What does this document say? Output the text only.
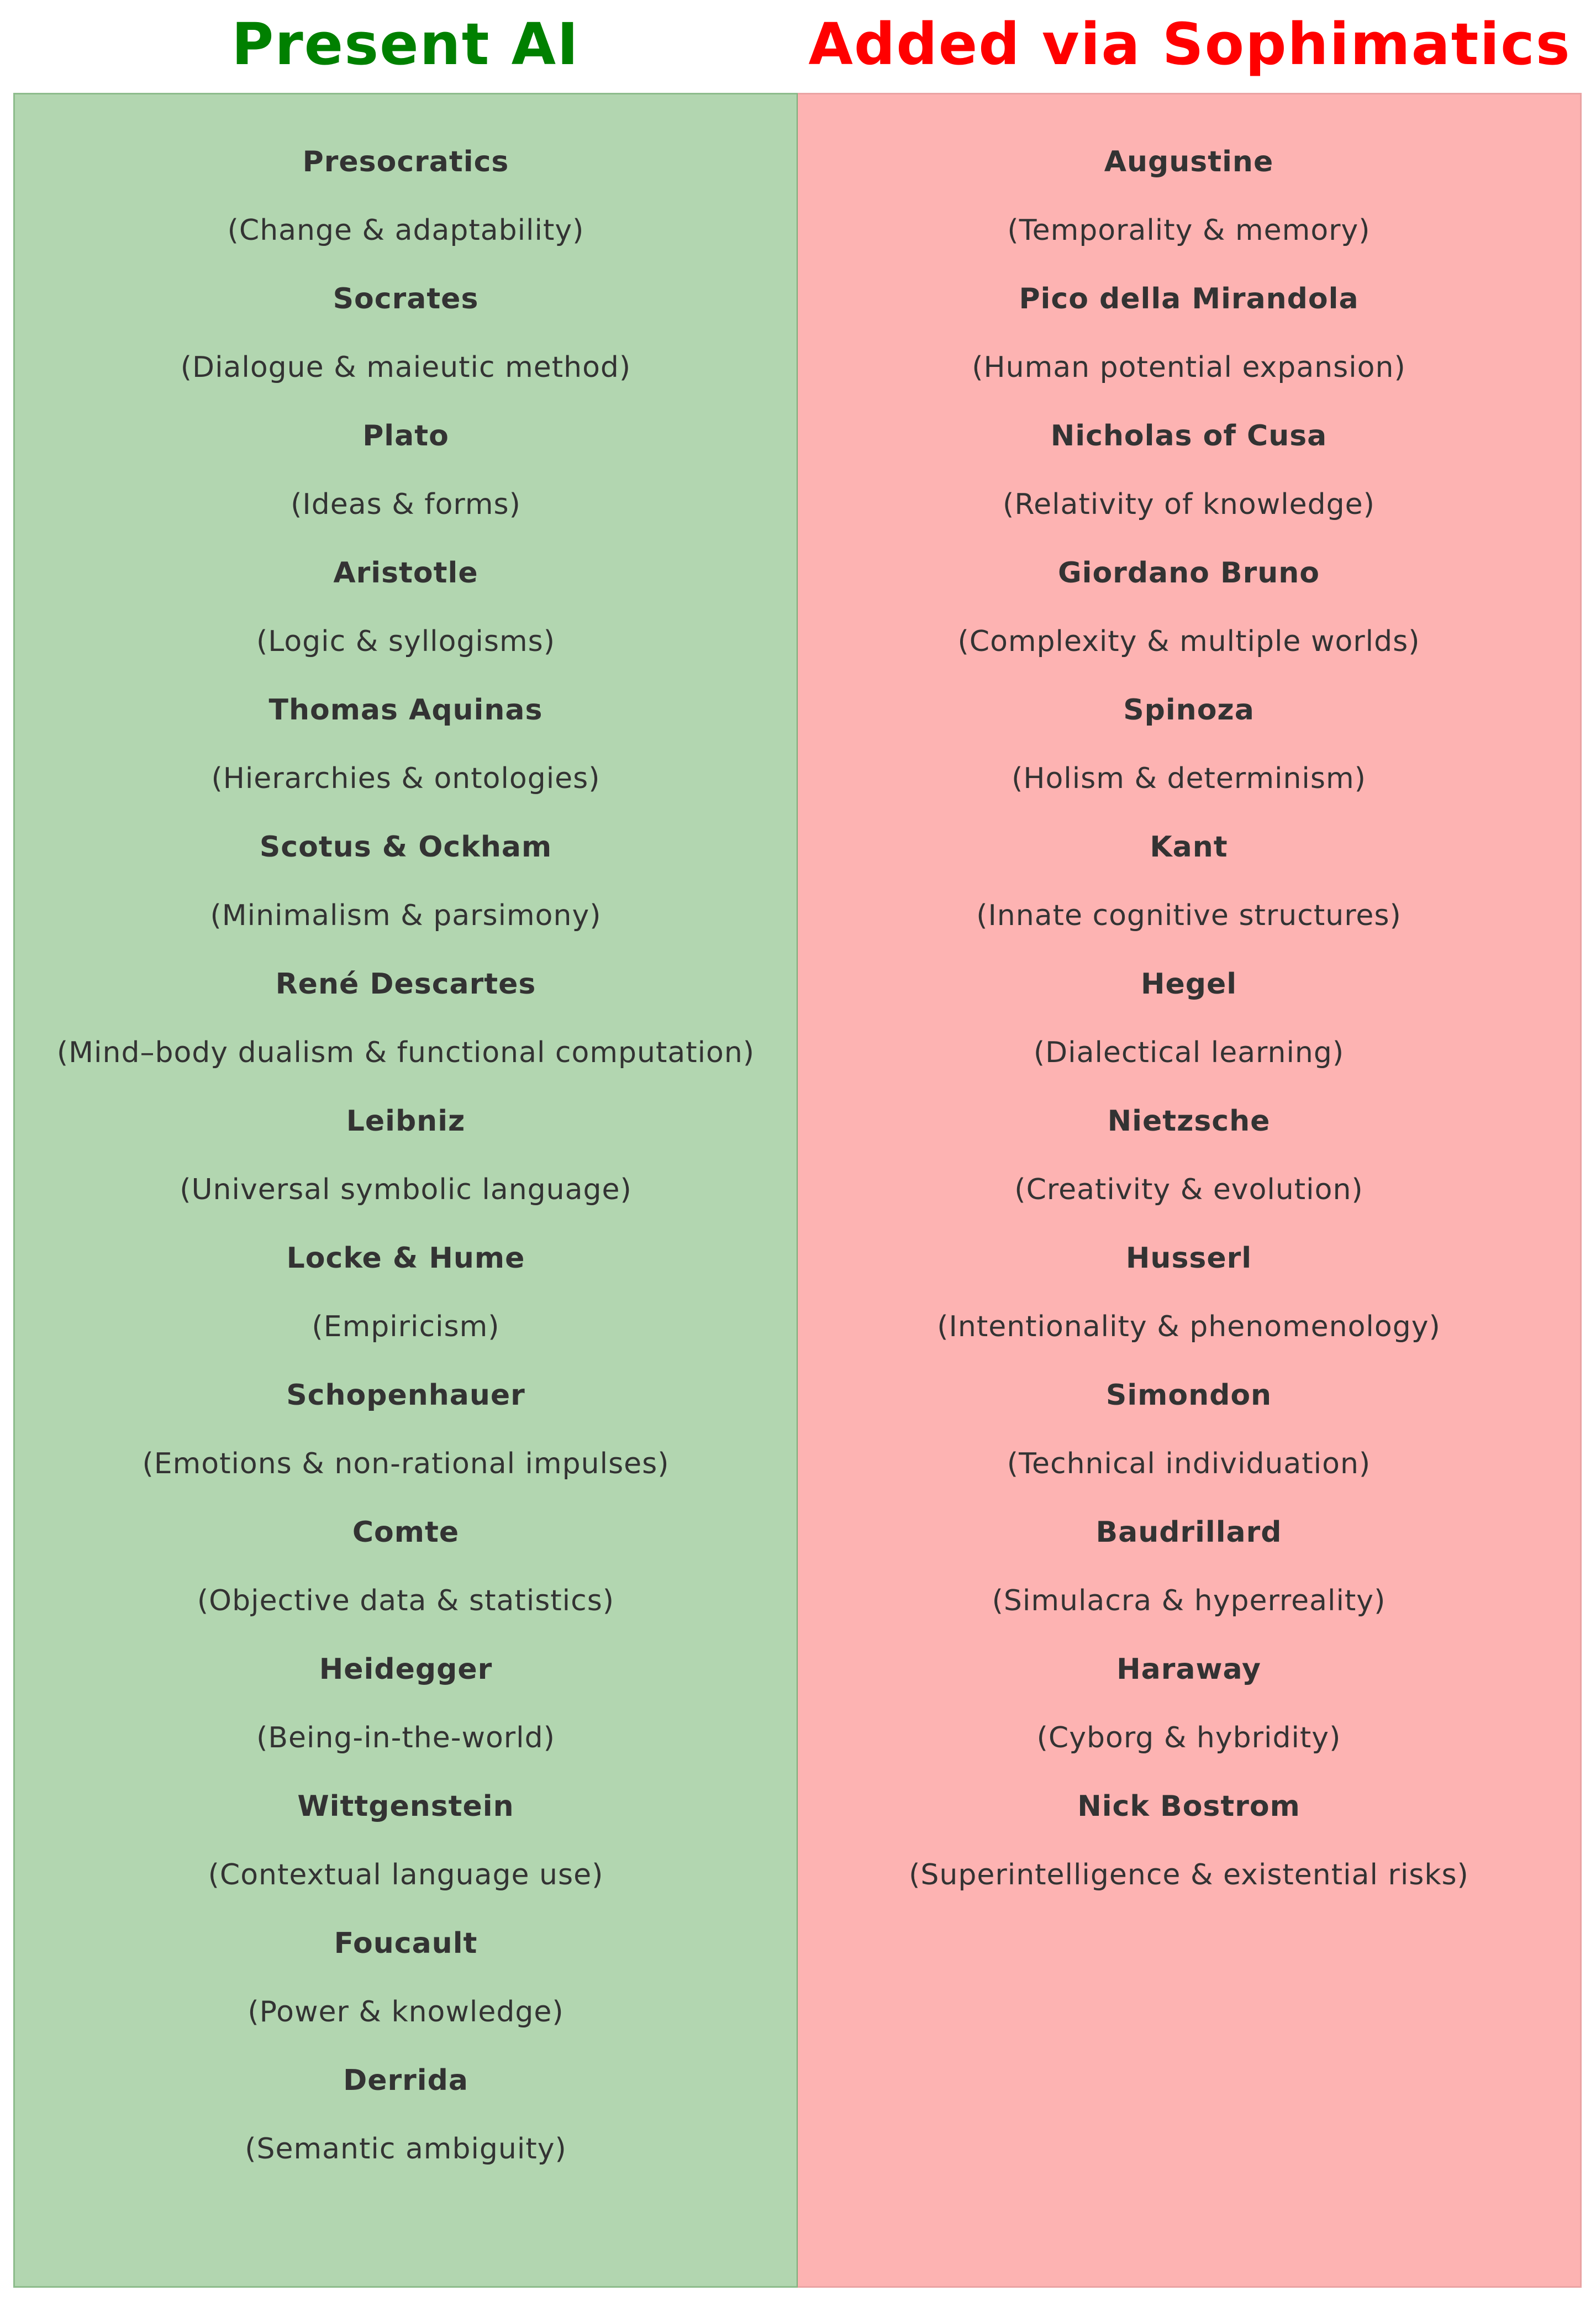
Present AI	Added via Sophimatics
Presocratics
(Change & adaptability)
Socrates
(Dialogue & maieutic method)
Plato
(Ideas & forms)
Aristotle
(Logic & syllogisms)
Thomas Aquinas
(Hierarchies & ontologies)
Scotus & Ockham
(Minimalism & parsimony)
René Descartes
(Mind–body dualism & functional computation)
Leibniz
(Universal symbolic language)
Locke & Hume
(Empiricism)
Schopenhauer
(Emotions & non-rational impulses)
Comte
(Objective data & statistics)
Heidegger
(Being-in-the-world)
Wittgenstein
(Contextual language use)
Foucault
(Power & knowledge)
Derrida
(Semantic ambiguity)
Augustine
(Temporality & memory)
Pico della Mirandola
(Human potential expansion)
Nicholas of Cusa
(Relativity of knowledge)
Giordano Bruno
(Complexity & multiple worlds)
Spinoza
(Holism & determinism)
Kant
(Innate cognitive structures)
Hegel
(Dialectical learning)
Nietzsche
(Creativity & evolution)
Husserl
(Intentionality & phenomenology)
Simondon
(Technical individuation)
Baudrillard
(Simulacra & hyperreality)
Haraway
(Cyborg & hybridity)
Nick Bostrom
(Superintelligence & existential risks)
